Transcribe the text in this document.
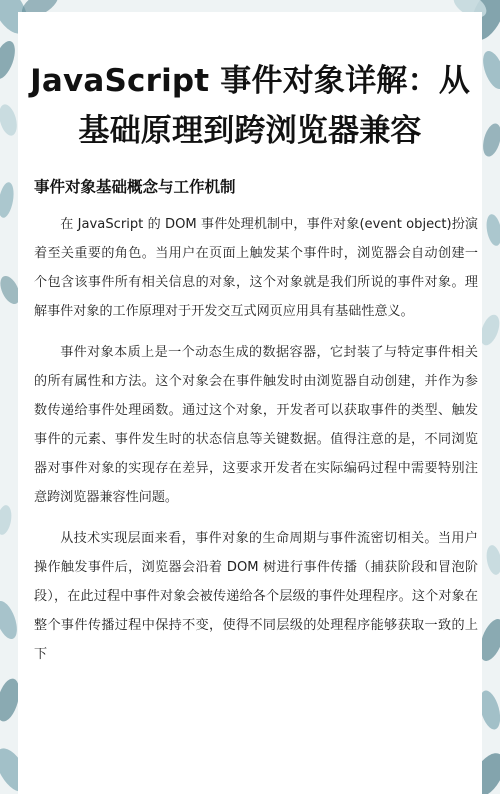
JavaScript 事件对象详解：从
基础原理到跨浏览器兼容
事件对象基础概念与工作机制

在 JavaScript 的 DOM 事件处理机制中，事件对象(event object)扮演着至关重要的角色。当用户在页面上触发某个事件时，浏览器会自动创建一个包含该事件所有相关信息的对象，这个对象就是我们所说的事件对象。理解事件对象的工作原理对于开发交互式网页应用具有基础性意义。

事件对象本质上是一个动态生成的数据容器，它封装了与特定事件相关的所有属性和方法。这个对象会在事件触发时由浏览器自动创建，并作为参数传递给事件处理函数。通过这个对象，开发者可以获取事件的类型、触发事件的元素、事件发生时的状态信息等关键数据。值得注意的是，不同浏览器对事件对象的实现存在差异，这要求开发者在实际编码过程中需要特别注意跨浏览器兼容性问题。

从技术实现层面来看，事件对象的生命周期与事件流密切相关。当用户操作触发事件后，浏览器会沿着 DOM 树进行事件传播（捕获阶段和冒泡阶段），在此过程中事件对象会被传递给各个层级的事件处理程序。这个对象在整个事件传播过程中保持不变，使得不同层级的处理程序能够获取一致的上下
